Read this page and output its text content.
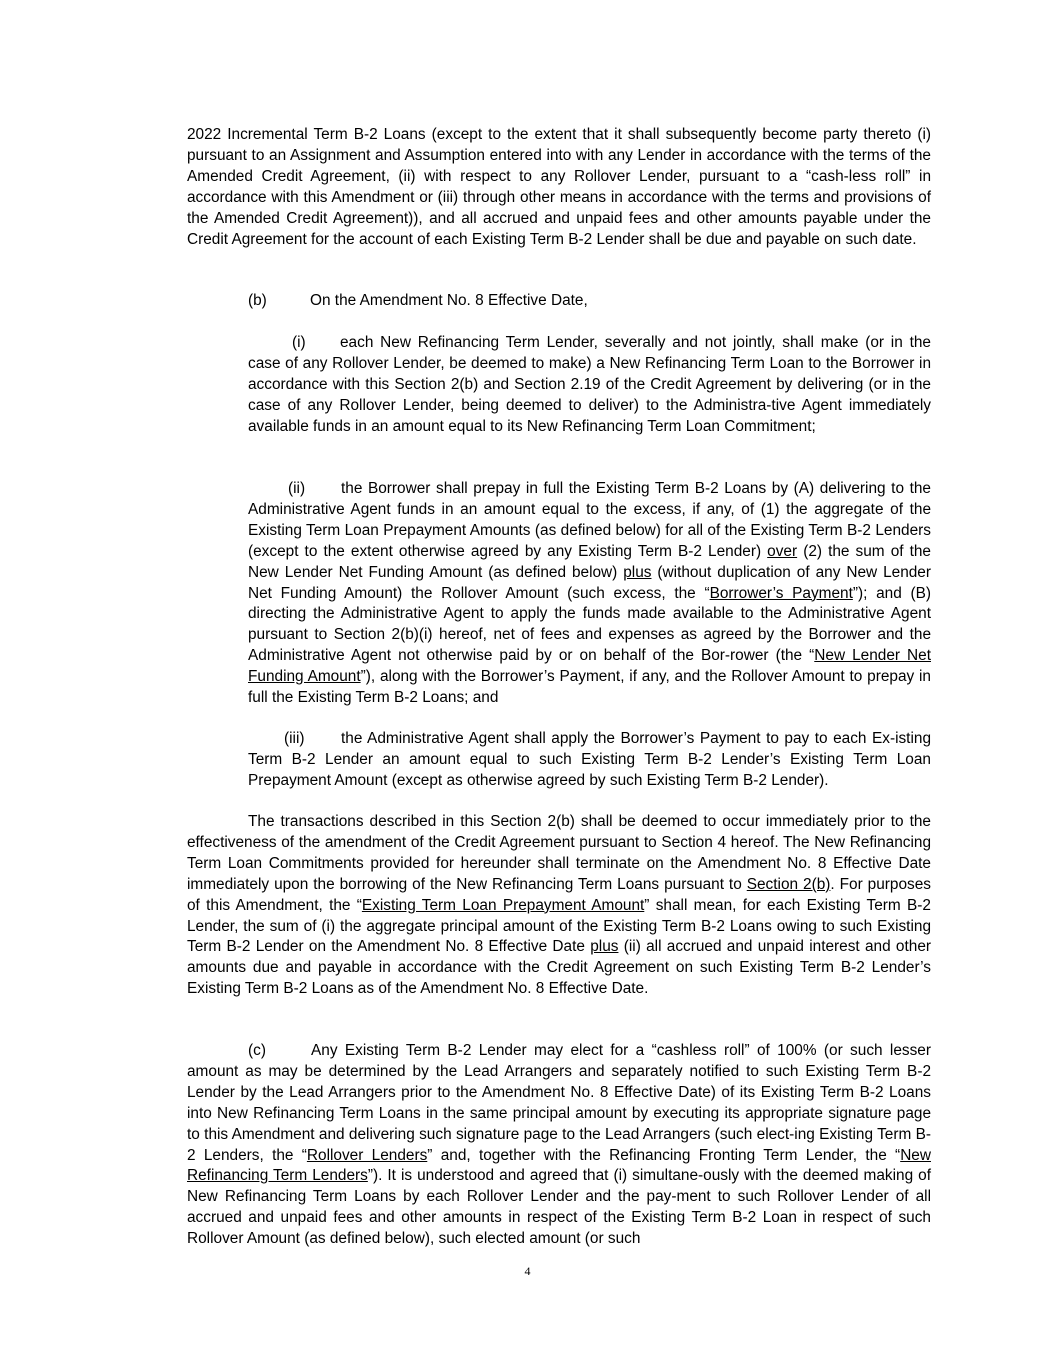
2022 Incremental Term B-2 Loans (except to the extent that it shall subsequently become party thereto (i) pursuant to an Assignment and Assumption entered into with any Lender in accordance with the terms of the Amended Credit Agreement, (ii) with respect to any Rollover Lender, pursuant to a “cash-less roll” in accordance with this Amendment or (iii) through other means in accordance with the terms and provisions of the Amended Credit Agreement)), and all accrued and unpaid fees and other amounts payable under the Credit Agreement for the account of each Existing Term B-2 Lender shall be due and payable on such date.

(b)	On the Amendment No. 8 Effective Date,

(i) each New Refinancing Term Lender, severally and not jointly, shall make (or in the case of any Rollover Lender, be deemed to make) a New Refinancing Term Loan to the Borrower in accordance with this Section 2(b) and Section 2.19 of the Credit Agreement by delivering (or in the case of any Rollover Lender, being deemed to deliver) to the Administra-tive Agent immediately available funds in an amount equal to its New Refinancing Term Loan Commitment;

(ii) the Borrower shall prepay in full the Existing Term B-2 Loans by (A) delivering to the Administrative Agent funds in an amount equal to the excess, if any, of (1) the aggregate of the Existing Term Loan Prepayment Amounts (as defined below) for all of the Existing Term B-2 Lenders (except to the extent otherwise agreed by any Existing Term B-2 Lender) over (2) the sum of the New Lender Net Funding Amount (as defined below) plus (without duplication of any New Lender Net Funding Amount) the Rollover Amount (such excess, the “Borrower’s Payment”); and (B) directing the Administrative Agent to apply the funds made available to the Administrative Agent pursuant to Section 2(b)(i) hereof, net of fees and expenses as agreed by the Borrower and the Administrative Agent not otherwise paid by or on behalf of the Bor-rower (the “New Lender Net Funding Amount”), along with the Borrower’s Payment, if any, and the Rollover Amount to prepay in full the Existing Term B-2 Loans; and

(iii) the Administrative Agent shall apply the Borrower’s Payment to pay to each Ex-isting Term B-2 Lender an amount equal to such Existing Term B-2 Lender’s Existing Term Loan Prepayment Amount (except as otherwise agreed by such Existing Term B-2 Lender).

The transactions described in this Section 2(b) shall be deemed to occur immediately prior to the effectiveness of the amendment of the Credit Agreement pursuant to Section 4 hereof. The New Refinancing Term Loan Commitments provided for hereunder shall terminate on the Amendment No. 8 Effective Date immediately upon the borrowing of the New Refinancing Term Loans pursuant to Section 2(b). For purposes of this Amendment, the “Existing Term Loan Prepayment Amount” shall mean, for each Existing Term B-2 Lender, the sum of (i) the aggregate principal amount of the Existing Term B-2 Loans owing to such Existing Term B-2 Lender on the Amendment No. 8 Effective Date plus (ii) all accrued and unpaid interest and other amounts due and payable in accordance with the Credit Agreement on such Existing Term B-2 Lender’s Existing Term B-2 Loans as of the Amendment No. 8 Effective Date.

(c)	Any Existing Term B-2 Lender may elect for a “cashless roll” of 100% (or such lesser amount as may be determined by the Lead Arrangers and separately notified to such Existing Term B-2 Lender by the Lead Arrangers prior to the Amendment No. 8 Effective Date) of its Existing Term B-2 Loans into New Refinancing Term Loans in the same principal amount by executing its appropriate signature page to this Amendment and delivering such signature page to the Lead Arrangers (such elect-ing Existing Term B-2 Lenders, the “Rollover Lenders” and, together with the Refinancing Fronting Term Lender, the “New Refinancing Term Lenders”). It is understood and agreed that (i) simultane-ously with the deemed making of New Refinancing Term Loans by each Rollover Lender and the pay-ment to such Rollover Lender of all accrued and unpaid fees and other amounts in respect of the Existing Term B-2 Loan in respect of such Rollover Amount (as defined below), such elected amount (or such

4
